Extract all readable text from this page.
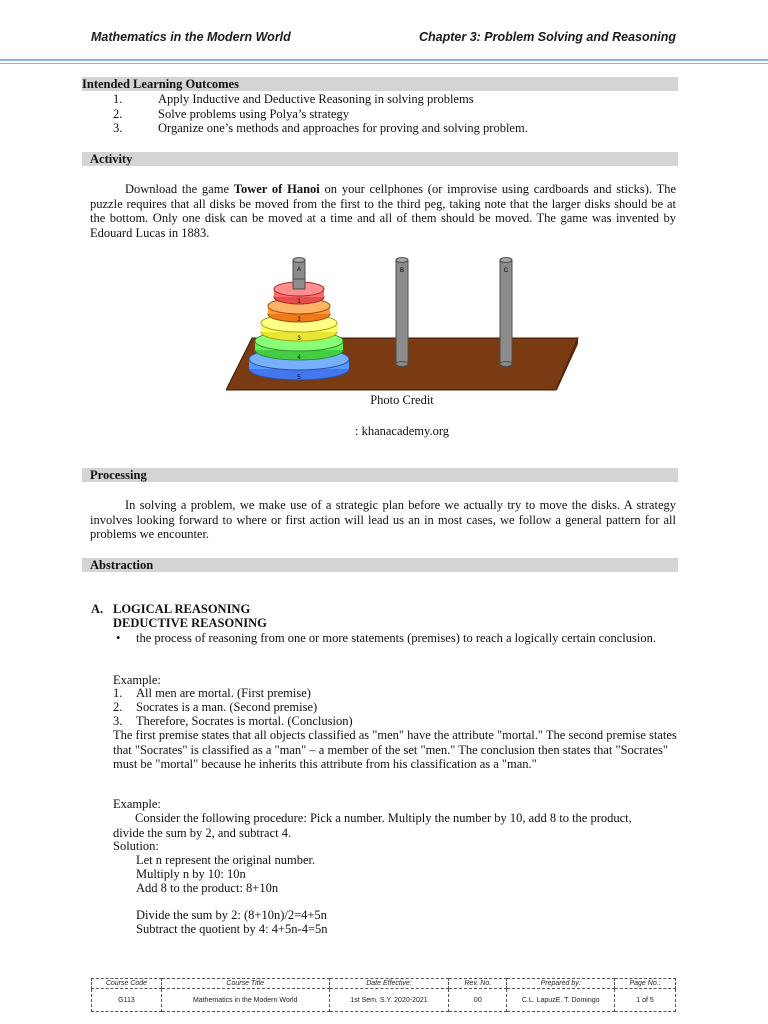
Mathematics in the Modern World	Chapter 3: Problem Solving and Reasoning
Intended Learning Outcomes
1.	Apply Inductive and Deductive Reasoning in solving problems
2.	Solve problems using Polya’s strategy
3.	Organize one’s methods and approaches for proving and solving problem.
Activity
Download the game Tower of Hanoi on your cellphones (or improvise using cardboards and sticks). The puzzle requires that all disks be moved from the first to the third peg, taking note that the larger disks should be at the bottom. Only one disk can be moved at a time and all of them should be moved. The game was invented by Edouard Lucas in 1883.
B	C
A
5
4
3
2
1
Photo Credit
: khanacademy.org
Processing
In solving a problem, we make use of a strategic plan before we actually try to move the disks. A strategy involves looking forward to where or first action will lead us an in most cases, we follow a general pattern for all problems we encounter.
Abstraction
A. LOGICAL REASONING
DEDUCTIVE REASONING
• the process of reasoning from one or more statements (premises) to reach a logically certain conclusion.
Example:
1. All men are mortal. (First premise)
2. Socrates is a man. (Second premise)
3. Therefore, Socrates is mortal. (Conclusion)
The first premise states that all objects classified as "men" have the attribute "mortal." The second premise states that "Socrates" is classified as a "man" – a member of the set "men." The conclusion then states that "Socrates" must be "mortal" because he inherits this attribute from his classification as a "man."
Example:
Consider the following procedure: Pick a number. Multiply the number by 10, add 8 to the product, divide the sum by 2, and subtract 4.
Solution:
Let n represent the original number.
Multiply n by 10: 10n
Add 8 to the product: 8+10n
Divide the sum by 2: (8+10n)/2=4+5n
Subtract the quotient by 4: 4+5n-4=5n
Course Code	Course Title	Date Effective:	Rev. No.	Prepared by:	Page No.:
G113	Mathematics in the Modern World	1st Sem. S.Y. 2020-2021	00	C.L. LapuzE. T. Domingo	1 of 5
